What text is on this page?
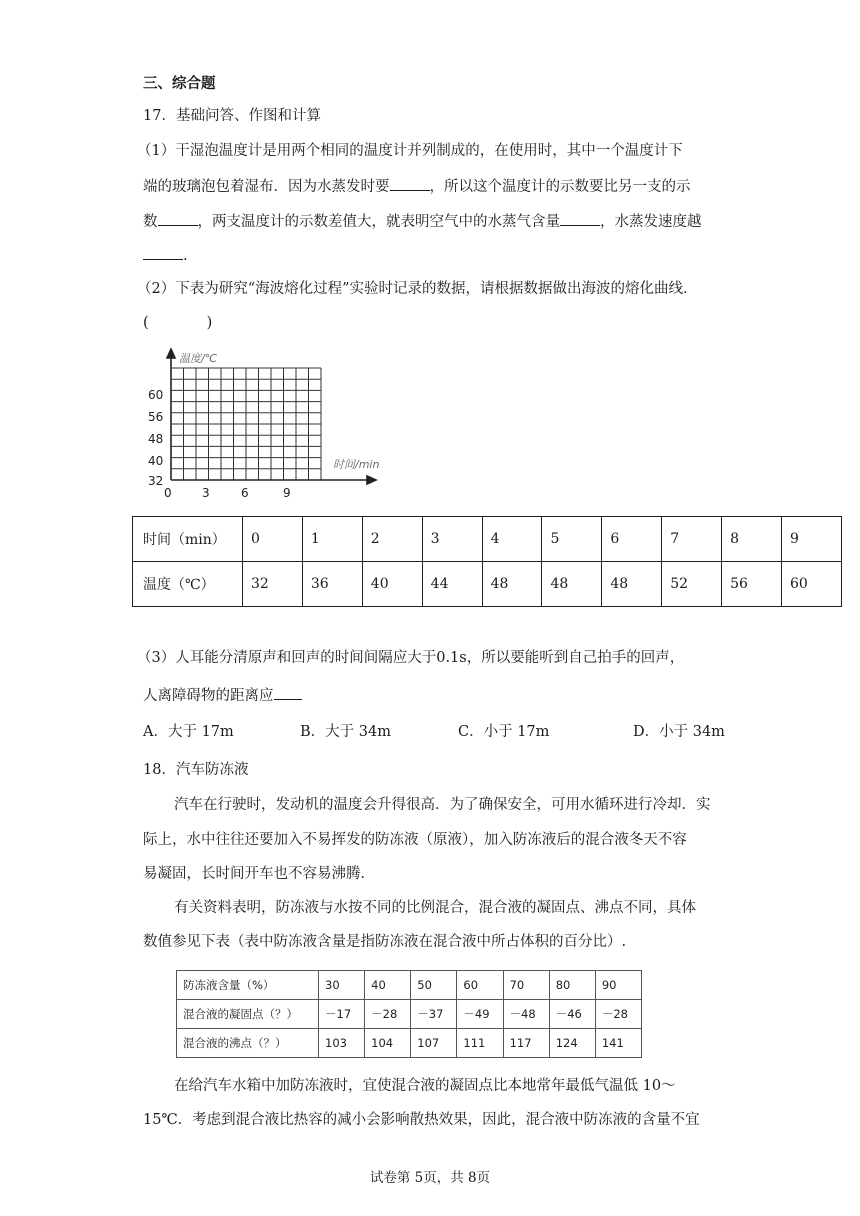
三、综合题
17．基础问答、作图和计算
（1）干湿泡温度计是用两个相同的温度计并列制成的，在使用时，其中一个温度计下
端的玻璃泡包着湿布．因为水蒸发时要	，所以这个温度计的示数要比另一支的示
数	，两支温度计的示数差值大，就表明空气中的水蒸气含量	，水蒸发速度越
.
（2）下表为研究“海波熔化过程”实验时记录的数据，请根据数据做出海波的熔化曲线．
(　　　　)
温度/℃
时间/min
60
56
48
40
32
0	3	6	9
时间（min）	0	1	2	3	4	5	6	7	8	9
温度（℃）	32	36	40	44	48	48	48	52	56	60
（3）人耳能分清原声和回声的时间间隔应大于0.1s，所以要能听到自己拍手的回声，
人离障碍物的距离应
A．大于 17m	B．大于 34m	C．小于 17m	D．小于 34m
18．汽车防冻液
汽车在行驶时，发动机的温度会升得很高．为了确保安全，可用水循环进行冷却．实
际上，水中往往还要加入不易挥发的防冻液（原液），加入防冻液后的混合液冬天不容
易凝固，长时间开车也不容易沸腾．
有关资料表明，防冻液与水按不同的比例混合，混合液的凝固点、沸点不同，具体
数值参见下表（表中防冻液含量是指防冻液在混合液中所占体积的百分比）.
防冻液含量（%）	30	40	50	60	70	80	90
混合液的凝固点（？）	－17	－28	－37	－49	－48	－46	－28
混合液的沸点（？）	103	104	107	111	117	124	141
在给汽车水箱中加防冻液时，宜使混合液的凝固点比本地常年最低气温低 10～
15℃．考虑到混合液比热容的减小会影响散热效果，因此，混合液中防冻液的含量不宜
试卷第 5页，共 8页
